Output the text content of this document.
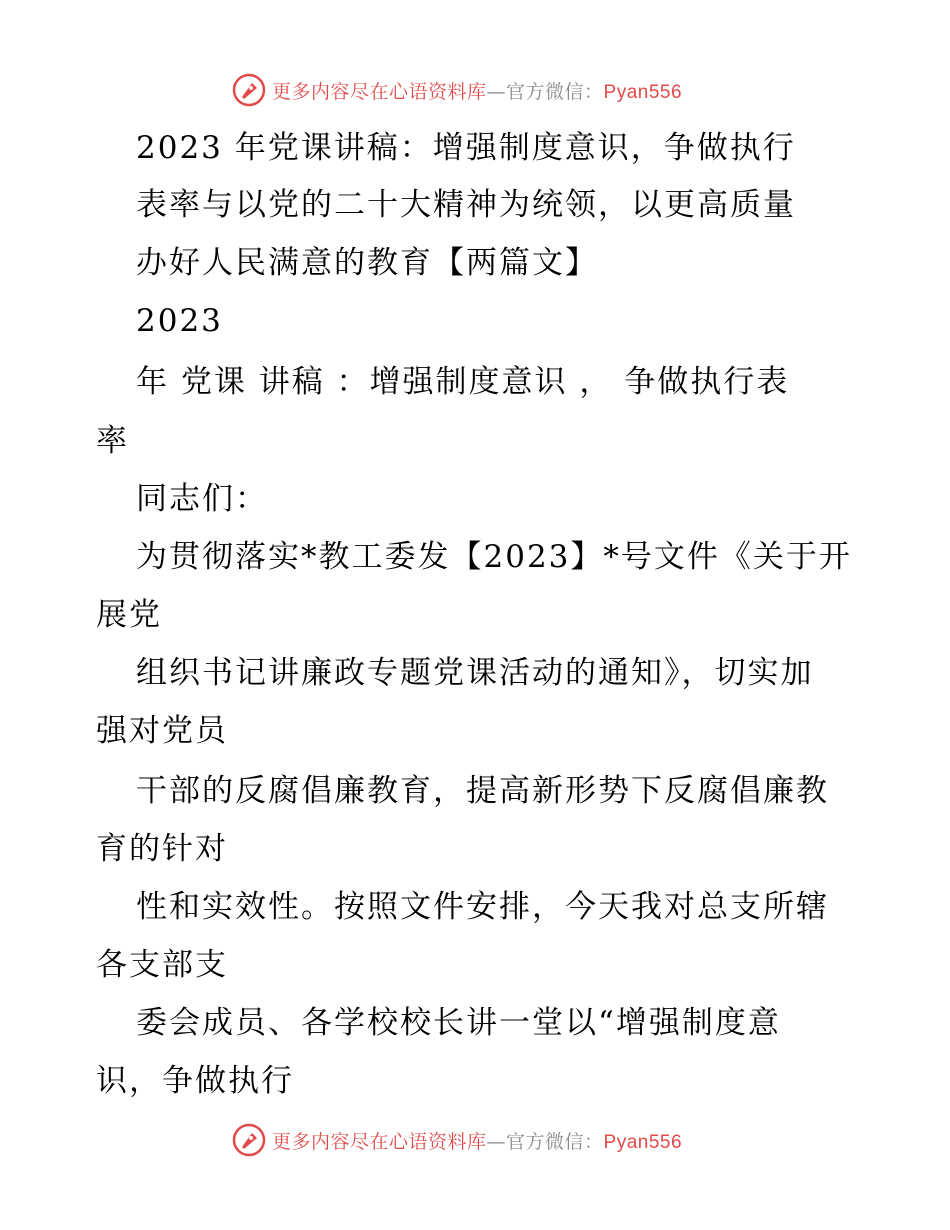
更多内容尽在心语资料库—官方微信：Pyan556
2023 年党课讲稿：增强制度意识，争做执行
表率与以党的二十大精神为统领，以更高质量
办好人民满意的教育【两篇文】
2023
年 党课 讲稿 ：增强制度意识 ， 争做执行表
率
同志们：
为贯彻落实*教工委发【2023】*号文件《关于开
展党
组织书记讲廉政专题党课活动的通知》，切实加
强对党员
干部的反腐倡廉教育，提高新形势下反腐倡廉教
育的针对
性和实效性。按照文件安排，今天我对总支所辖
各支部支
委会成员、各学校校长讲一堂以“增强制度意
识，争做执行
更多内容尽在心语资料库—官方微信：Pyan556
